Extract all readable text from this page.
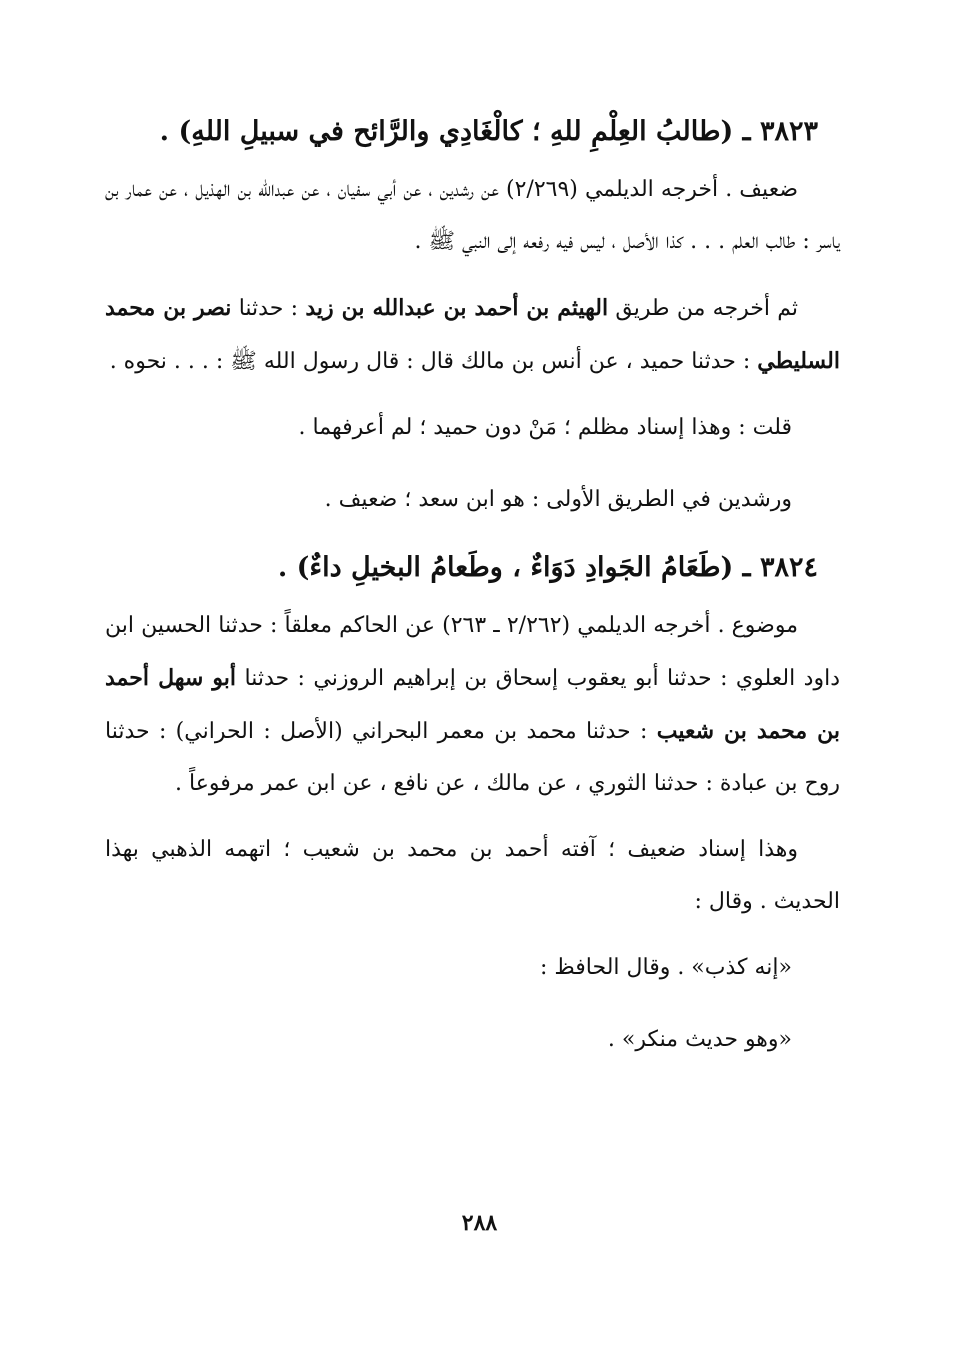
٣٨٢٣ ـ (طالبُ العِلْمِ للهِ ؛ كالْغَادِي والرَّائح في سبيلِ اللهِ) .
ضعيف . أخرجه الديلمي (٢/٢٦٩) عن رشدين ، عن أبي سفيان ، عن عبدالله بن الهذيل ، عن عمار بن ياسر : طالب العلم . . . كذا الأصل ، ليس فيه رفعه إلى النبي ﷺ .
ثم أخرجه من طريق الهيثم بن أحمد بن عبدالله بن زيد : حدثنا نصر بن محمد السليطي : حدثنا حميد ، عن أنس بن مالك قال : قال رسول الله ﷺ : . . . نحوه .
قلت : وهذا إسناد مظلم ؛ مَنْ دون حميد ؛ لم أعرفهما .
ورشدين في الطريق الأولى : هو ابن سعد ؛ ضعيف .
٣٨٢٤ ـ (طَعَامُ الجَوادِ دَوَاءٌ ، وطَعامُ البخيلِ داءٌ) .
موضوع . أخرجه الديلمي (٢/٢٦٢ ـ ٢٦٣) عن الحاكم معلقاً : حدثنا الحسين ابن داود العلوي : حدثنا أبو يعقوب إسحاق بن إبراهيم الروزني : حدثنا أبو سهل أحمد بن محمد بن شعيب : حدثنا محمد بن معمر البحراني (الأصل : الحراني) : حدثنا روح بن عبادة : حدثنا الثوري ، عن مالك ، عن نافع ، عن ابن عمر مرفوعاً .
وهذا إسناد ضعيف ؛ آفته أحمد بن محمد بن شعيب ؛ اتهمه الذهبي بهذا الحديث . وقال :
«إنه كذب» . وقال الحافظ :
«وهو حديث منكر» .
٢٨٨
